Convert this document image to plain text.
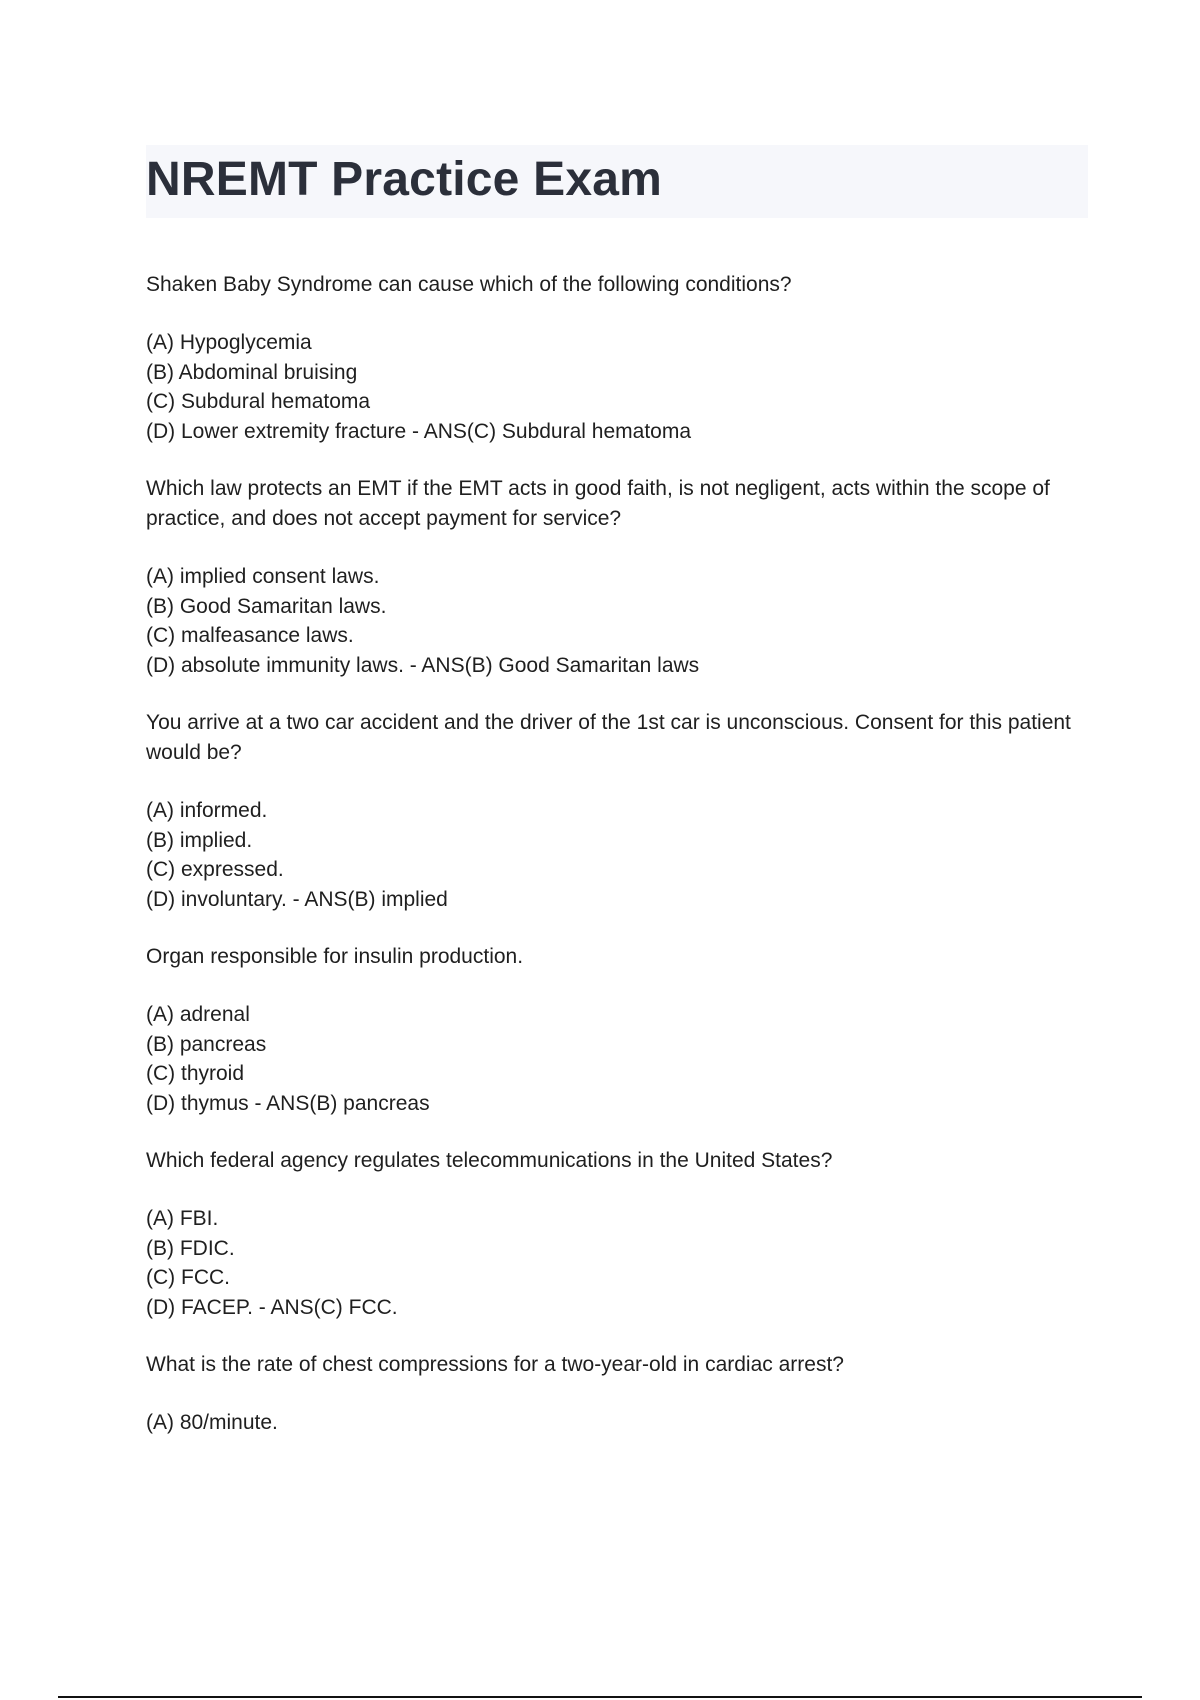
NREMT Practice Exam

Shaken Baby Syndrome can cause which of the following conditions?

(A) Hypoglycemia

(B) Abdominal bruising

(C) Subdural hematoma

(D) Lower extremity fracture - ANS(C) Subdural hematoma

Which law protects an EMT if the EMT acts in good faith, is not negligent, acts within the scope of practice, and does not accept payment for service?

(A) implied consent laws.

(B) Good Samaritan laws.

(C) malfeasance laws.

(D) absolute immunity laws. - ANS(B) Good Samaritan laws

You arrive at a two car accident and the driver of the 1st car is unconscious. Consent for this patient would be?

(A) informed.

(B) implied.

(C) expressed.

(D) involuntary. - ANS(B) implied

Organ responsible for insulin production.

(A) adrenal

(B) pancreas

(C) thyroid

(D) thymus - ANS(B) pancreas

Which federal agency regulates telecommunications in the United States?

(A) FBI.

(B) FDIC.

(C) FCC.

(D) FACEP. - ANS(C) FCC.

What is the rate of chest compressions for a two-year-old in cardiac arrest?

(A) 80/minute.
